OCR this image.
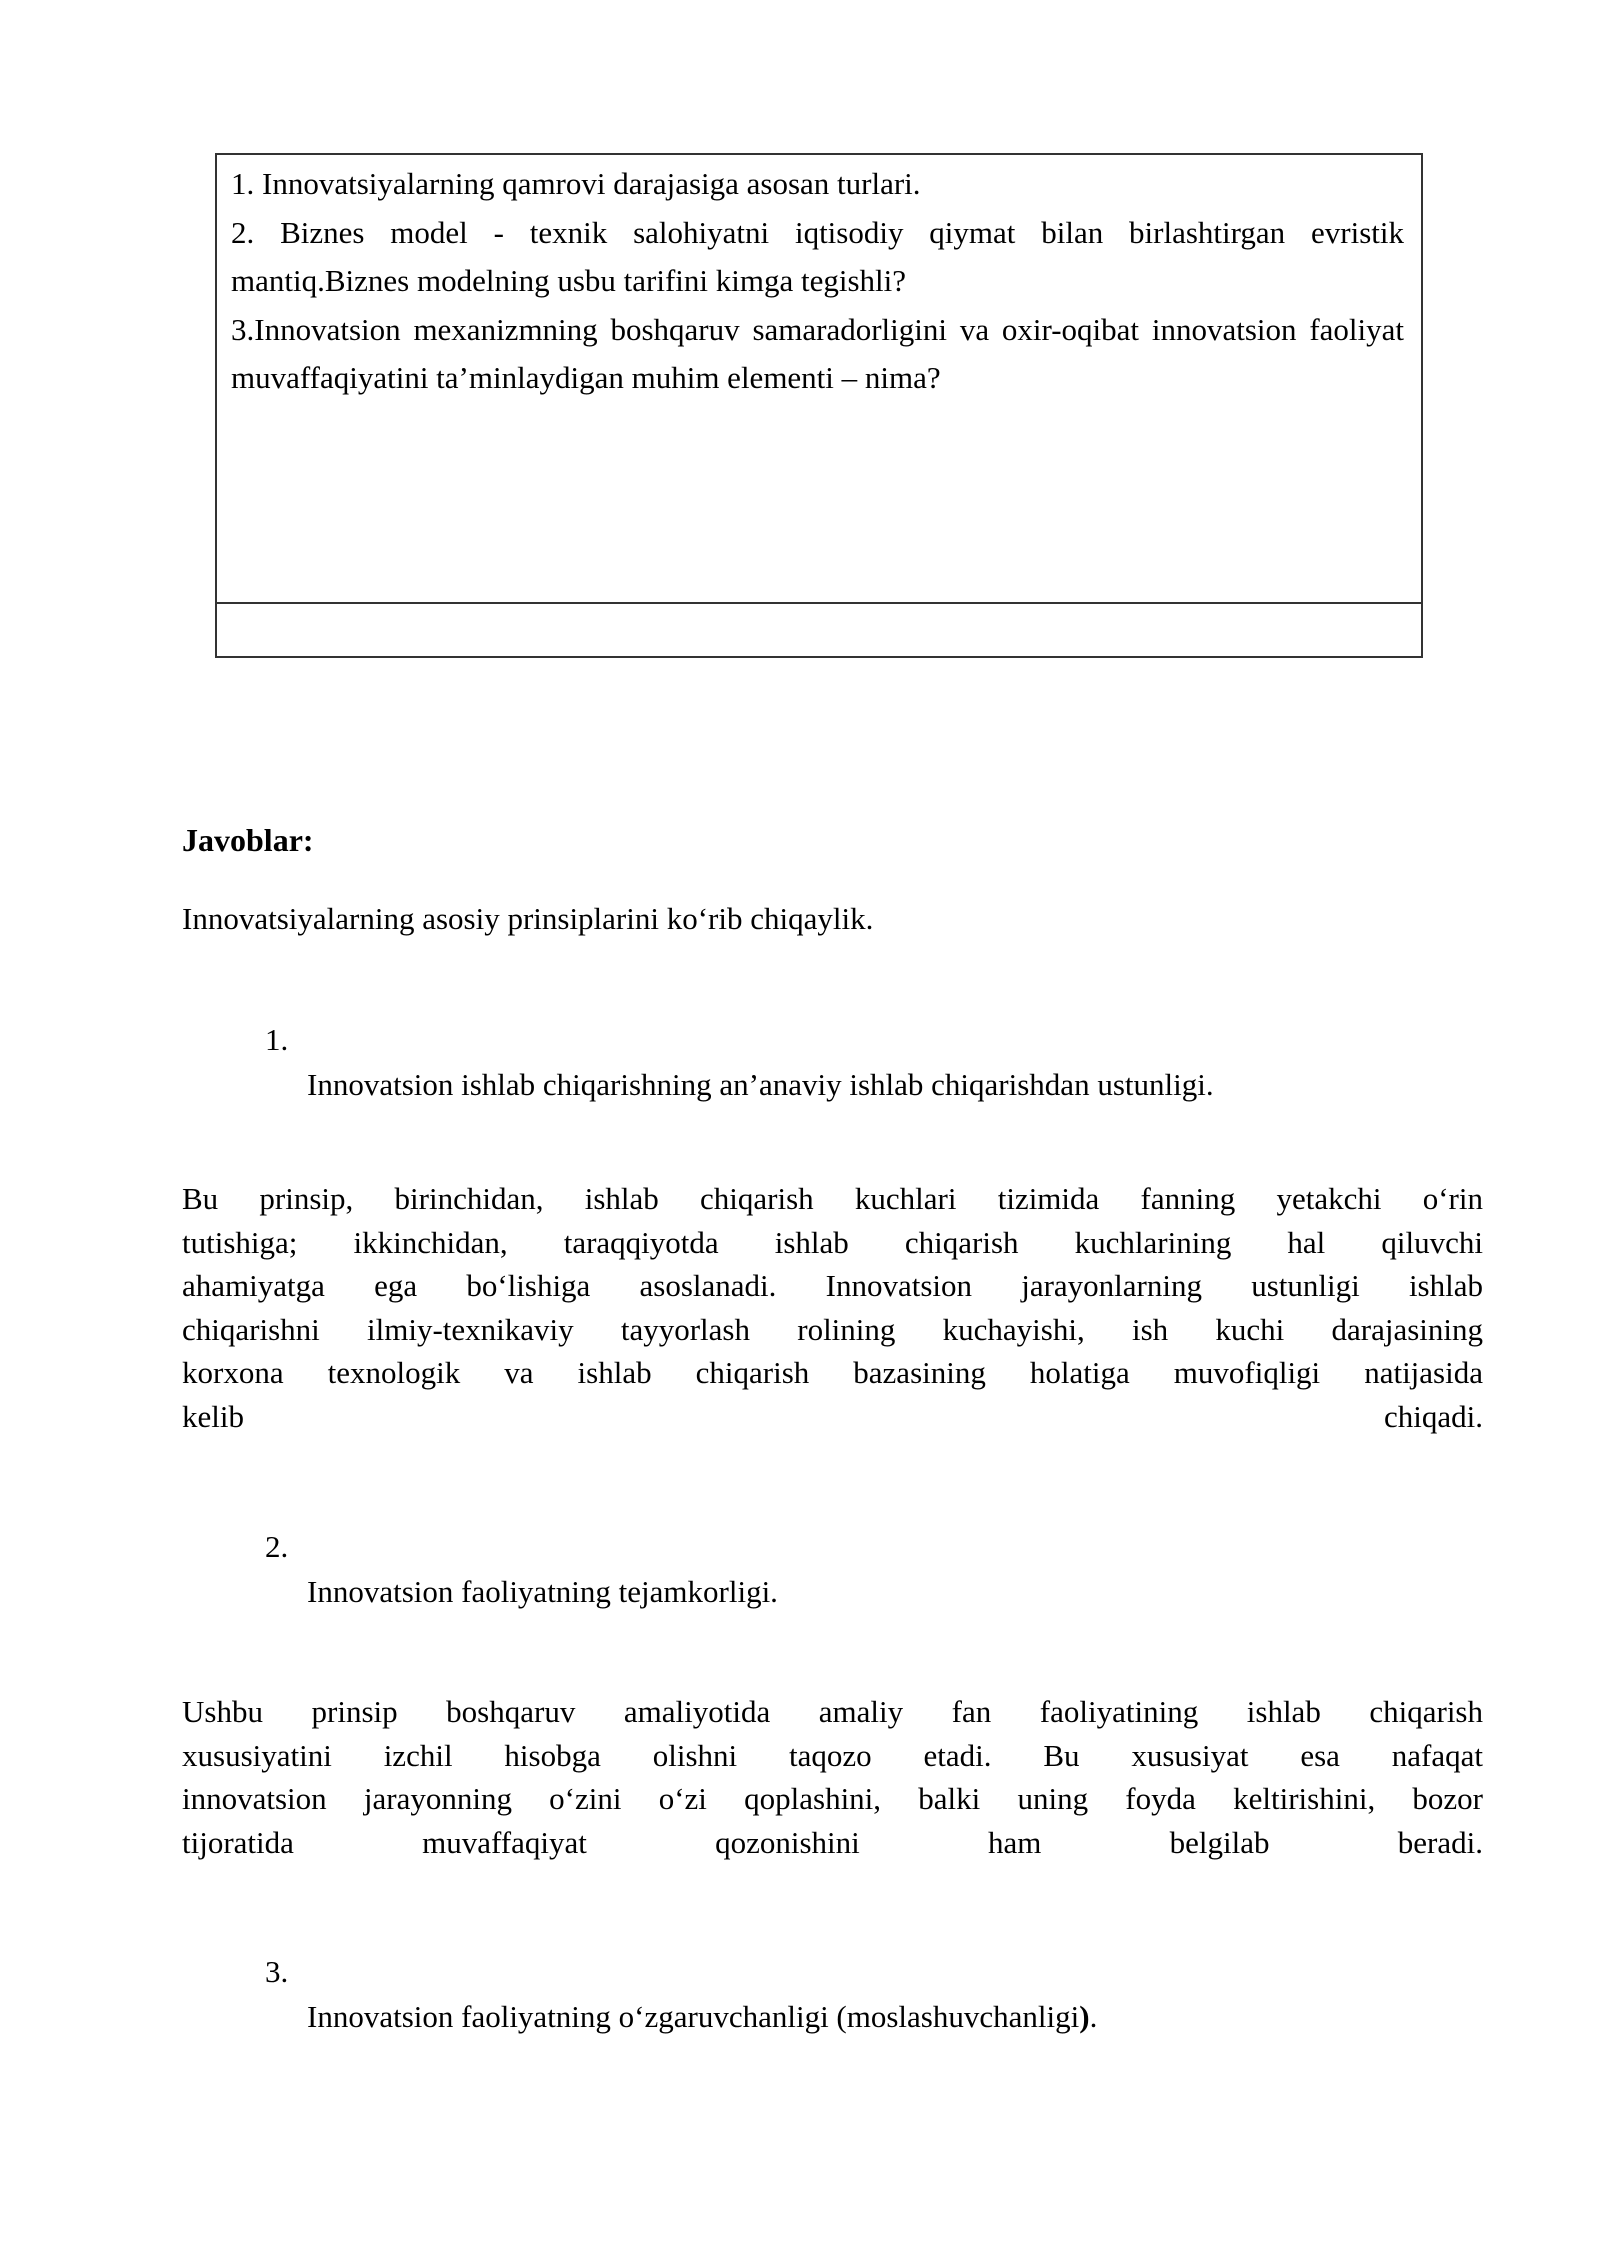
1. Innovatsiyalarning qamrovi darajasiga asosan turlari.

2. Biznes model - texnik salohiyatni iqtisodiy qiymat bilan birlashtirgan evristik mantiq.Biznes modelning usbu tarifini kimga tegishli?

3.Innovatsion mexanizmning boshqaruv samaradorligini va oxir-oqibat innovatsion faoliyat muvaffaqiyatini ta’minlaydigan muhim elementi – nima?

Javoblar:
Innovatsiyalarning asosiy prinsiplarini koʻrib chiqaylik.
1.
Innovatsion ishlab chiqarishning an’anaviy ishlab chiqarishdan ustunligi.
Bu prinsip, birinchidan, ishlab chiqarish kuchlari tizimida fanning yetakchi oʻrin
tutishiga; ikkinchidan, taraqqiyotda ishlab chiqarish kuchlarining hal qiluvchi
ahamiyatga ega boʻlishiga asoslanadi. Innovatsion jarayonlarning ustunligi ishlab
chiqarishni ilmiy-texnikaviy tayyorlash rolining kuchayishi, ish kuchi darajasining
korxona texnologik va ishlab chiqarish bazasining holatiga muvofiqligi natijasida
kelib chiqadi.
2.
Innovatsion faoliyatning tejamkorligi.
Ushbu prinsip boshqaruv amaliyotida amaliy fan faoliyatining ishlab chiqarish
xususiyatini izchil hisobga olishni taqozo etadi. Bu xususiyat esa nafaqat
innovatsion jarayonning oʻzini oʻzi qoplashini, balki uning foyda keltirishini, bozor
tijoratida muvaffaqiyat qozonishini ham belgilab beradi.
3.
Innovatsion faoliyatning oʻzgaruvchanligi (moslashuvchanligi).
